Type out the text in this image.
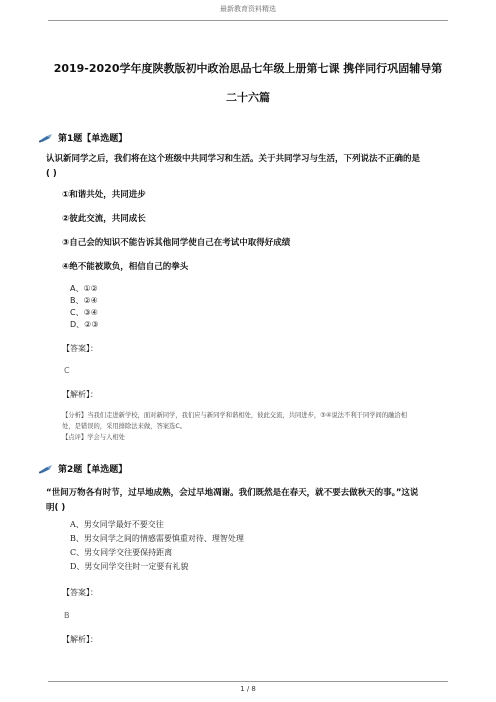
最新教育资料精选
2019-2020学年度陕教版初中政治思品七年级上册第七课 携伴同行巩固辅导第
二十六篇
第1题【单选题】
认识新同学之后，我们将在这个班级中共同学习和生活。关于共同学习与生活，下列说法不正确的是
( )
①和谐共处，共同进步
②彼此交流，共同成长
③自己会的知识不能告诉其他同学使自己在考试中取得好成绩
④绝不能被欺负，相信自己的拳头
A、①②
B、②④
C、③④
D、②③
【答案】：
C
【解析】：
【分析】当我们走进新学校，面对新同学，我们应与新同学和谐相处，彼此交流，共同进步，③④说法不利于同学间的融洽相
处，是错误的，采用排除法来做，答案选C。
【点评】学会与人相处
第2题【单选题】
“世间万物各有时节，过早地成熟，会过早地凋谢。我们既然是在春天，就不要去做秋天的事。”这说
明( )
A、男女同学最好不要交往
B、男女同学之间的情感需要慎重对待、理智处理
C、男女同学交往要保持距离
D、男女同学交往时一定要有礼貌
【答案】：
B
【解析】：
1 / 8
